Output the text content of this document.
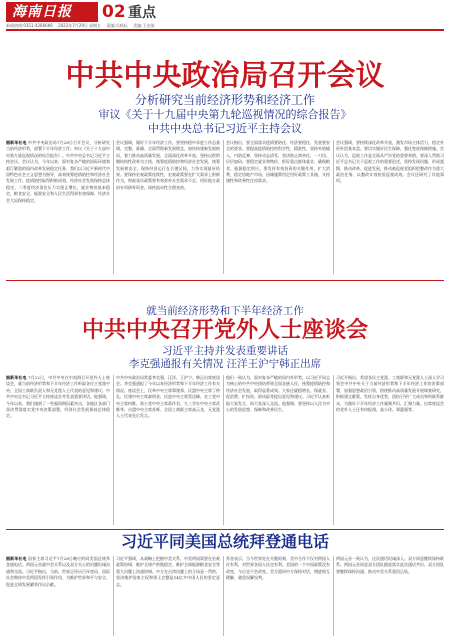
海南日报	02 重点
新闻热线:0351-4286666 2022年7月29日 星期五 责编:冯秋耘 美编:王宏刚
中共中央政治局召开会议
分析研究当前经济形势和经济工作
审议《关于十九届中央第九轮巡视情况的综合报告》
中共中央总书记习近平主持会议
据新华社电 中共中央政治局7月28日召开会议，分析研究当前经济形势，部署下半年经济工作；审议《关于十九届中央第九轮巡视情况的综合报告》。中共中央总书记习近平主持会议。会议认为，今年以来，面对复杂严峻的国际环境和艰巨繁重的国内改革发展稳定任务，我们以习近平新时代中国特色社会主义思想为指导，高效统筹疫情防控和经济社会发展工作，疫情防控取得积极成效，经济社会发展保持总体稳定。二季度经济顶住压力实现正增长，就业物价基本稳定，粮食安全、能源安全和人民生活得到有效保障，经济社会大局保持稳定。
会议强调，做好下半年经济工作，要坚持稳中求进工作总基调，完整、准确、全面贯彻新发展理念，加快构建新发展格局，着力推动高质量发展，全面深化改革开放，坚持以供给侧结构性改革为主线，统筹疫情防控和经济社会发展，统筹发展和安全，保持经济运行在合理区间，力争实现最好结果。要保持宏观政策连续性，宏观政策要在扩大需求上积极作为，财政货币政策要有效弥补社会需求不足，用好地方政府专项债券资金，保持流动性合理充裕。
会议指出，要全面落实疫情要防住、经济要稳住、发展要安全的要求。要提高疫情防控的科学性、精准性，坚持外防输入、内防反弹，坚持动态清零，坚决防止简单化、一刀切、层层加码。要稳定就业和物价，抓好重点群体就业，确保粮食、能源稳定供应。要发挥有效投资的关键作用，扩大消费，稳定房地产市场，因城施策用足用好政策工具箱，支持刚性和改善性住房需求。
会议强调，要持续深化改革开放，激发市场主体活力，稳定外资外贸基本盘。要切实做好民生保障，强化兜底保障措施。会议认为，巡视工作是全面从严治党的重要举措，要深入贯彻习近平总书记关于巡视工作的重要论述，坚持发现问题、形成震慑，推动改革、促进发展，推动被巡视党组织把整改作为重大政治任务，以整改实效检验巡视成效。会议还研究了其他事项。
就当前经济形势和下半年经济工作
中共中央召开党外人士座谈会
习近平主持并发表重要讲话
李克强通报有关情况 汪洋王沪宁韩正出席
据新华社电 7月22日，中共中央在中南海召开党外人士座谈会，就当前经济形势和下半年经济工作听取各民主党派中央、全国工商联负责人和无党派人士代表的意见和建议。中共中央总书记习近平主持座谈会并发表重要讲话。他强调，今年以来，我们遇到了一些超预期因素冲击，各地区各部门坚决贯彻落实党中央决策部署，经济社会发展保持总体稳定。
中共中央政治局常委李克强、汪洋、王沪宁、韩正出席座谈会。李克强通报了今年以来经济形势和下半年经济工作有关情况。座谈会上，民革中央主席郑建邦、民盟中央主席丁仲礼、民建中央主席郝明金、民进中央主席蔡达峰、农工党中央主席何维、致公党中央主席蒋作君、九三学社中央主席武维华、台盟中央主席苏辉、全国工商联主席高云龙、无党派人士代表先后发言。
他们一致认为，面对复杂严峻的国内外形势，以习近平同志为核心的中共中央团结带领全国各族人民，统筹疫情防控和经济社会发展，取得显著成效。大家还就稳增长、保就业、促消费、扩投资、防风险等提出意见和建议。习近平认真听取大家发言，同大家深入交流。他强调，要坚持以人民为中心的发展思想，保障和改善民生。
习近平指出，希望各民主党派、工商联和无党派人士深入学习领会中共中央关于当前经济形势和下半年经济工作的决策部署，加强思想政治引领，围绕推动高质量发展开展调查研究，积极建言献策，发挥自身优势，团结引导广大成员和所联系群众，为做好下半年经济工作凝聚共识、汇聚力量。出席座谈会的党外人士还有何报翔、高小玫、郑惠强等。
习近平同美国总统拜登通电话
据新华社电 国家主席习近平7月28日晚应约同美国总统拜登通电话。两国元首就中美关系以及双方关心的问题坦诚沟通和交流。习近平指出，当前，世界正经历百年变局，国际社会期待中美两国发挥引领作用，为维护世界和平与安全、促进全球发展繁荣作出贡献。
习近平强调，从战略上把握中美关系，中美两国需要在宏观政策协调、维护全球产供链稳定、维护全球能源粮食安全等重大问题上沟通协调。中方在台湾问题上的立场是一贯的，坚决维护国家主权和领土完整是14亿多中国人民的坚定意志。
拜登表示，当今世界处在关键时刻，美中合作不仅对两国人民有利，对世界各国人民也有利。美国的一个中国政策没有改变，今后也不会改变。美方愿同中方保持对话，增进相互理解，避免误解误判。
两国元首一致认为，这次通话坦诚深入。双方同意继续保持联系。两国元首同意双方团队跟进落实此次通话共识。双方团队要继续保持沟通，推动中美关系重回正轨。
